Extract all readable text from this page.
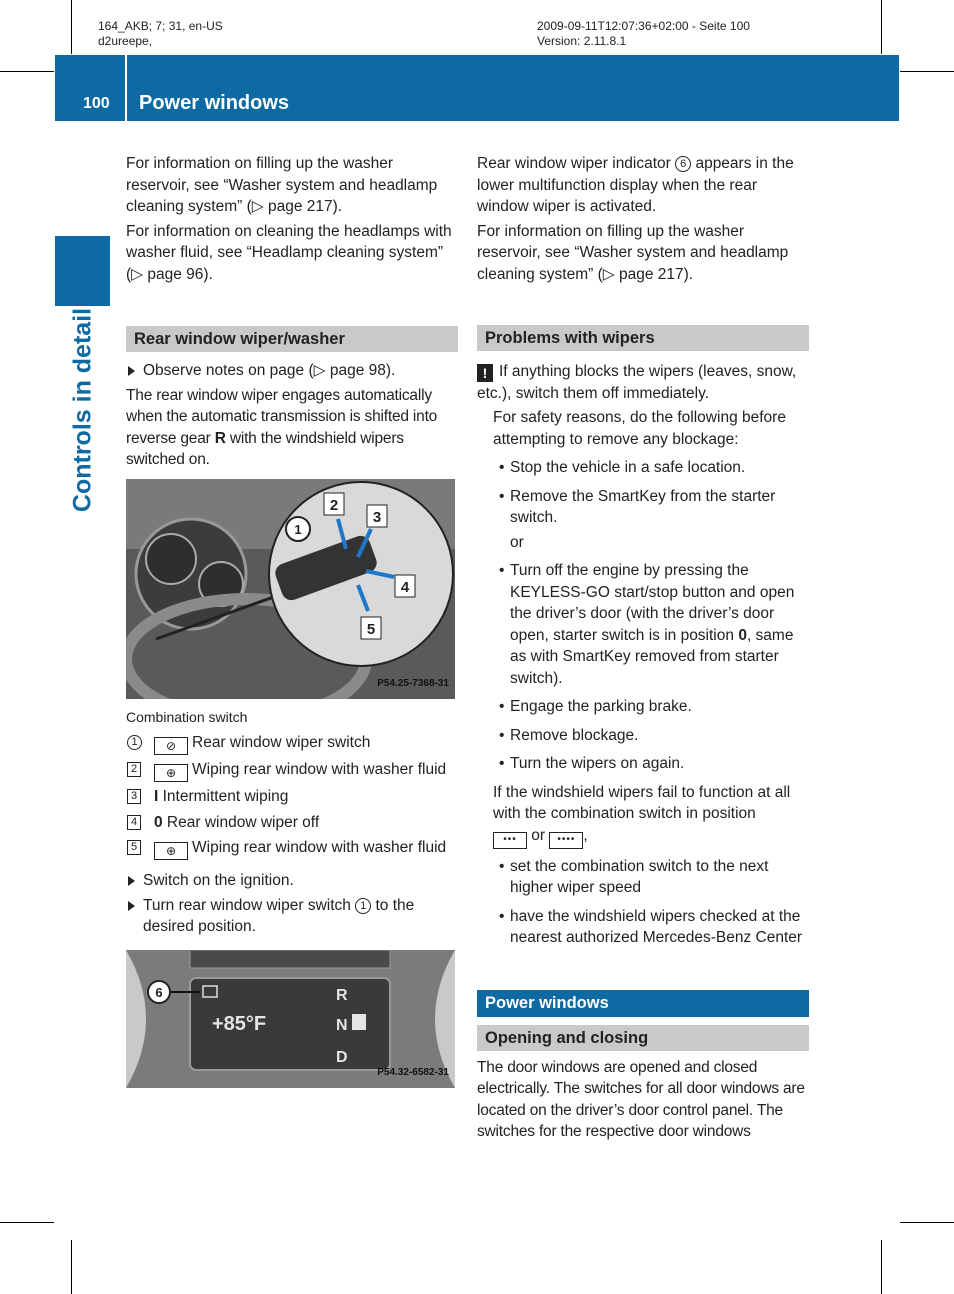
164_AKB; 7; 31, en-US
d2ureepe,
2009-09-11T12:07:36+02:00 - Seite 100
Version: 2.11.8.1
100 Power windows
Controls in detail

For information on filling up the washer reservoir, see “Washer system and headlamp cleaning system” (▷ page 217).

For information on cleaning the headlamps with washer fluid, see “Headlamp cleaning system” (▷ page 96).

Rear window wiper/washer
Observe notes on page (▷ page 98).

The rear window wiper engages automatically when the automatic transmission is shifted into reverse gear R with the windshield wipers switched on.

1
2
3
4
5
P54.25-7368-31
Combination switch
1	⊘ Rear window wiper switch
2	⊕ Wiping rear window with washer fluid
3 I Intermittent wiping
4 0 Rear window wiper off
5	⊕ Wiping rear window with washer fluid
Switch on the ignition.
Turn rear window wiper switch 1 to the desired position.
6
+85°F
R
N
D
P54.32-6582-31

Rear window wiper indicator 6 appears in the lower multifunction display when the rear window wiper is activated.

For information on filling up the washer reservoir, see “Washer system and headlamp cleaning system” (▷ page 217).

Problems with wipers

! If anything blocks the wipers (leaves, snow, etc.), switch them off immediately.

For safety reasons, do the following before attempting to remove any blockage:

• Stop the vehicle in a safe location.
• Remove the SmartKey from the starter switch.

or

• Turn off the engine by pressing the KEYLESS-GO start/stop button and open the driver’s door (with the driver’s door open, starter switch is in position 0, same as with SmartKey removed from starter switch).
• Engage the parking brake.
• Remove blockage.
• Turn the wipers on again.

If the windshield wipers fail to function at all with the combination switch in position
••• or •••• ,

• set the combination switch to the next higher wiper speed
• have the windshield wipers checked at the nearest authorized Mercedes-Benz Center
Power windows
Opening and closing

The door windows are opened and closed electrically. The switches for all door windows are located on the driver’s door control panel. The switches for the respective door windows
